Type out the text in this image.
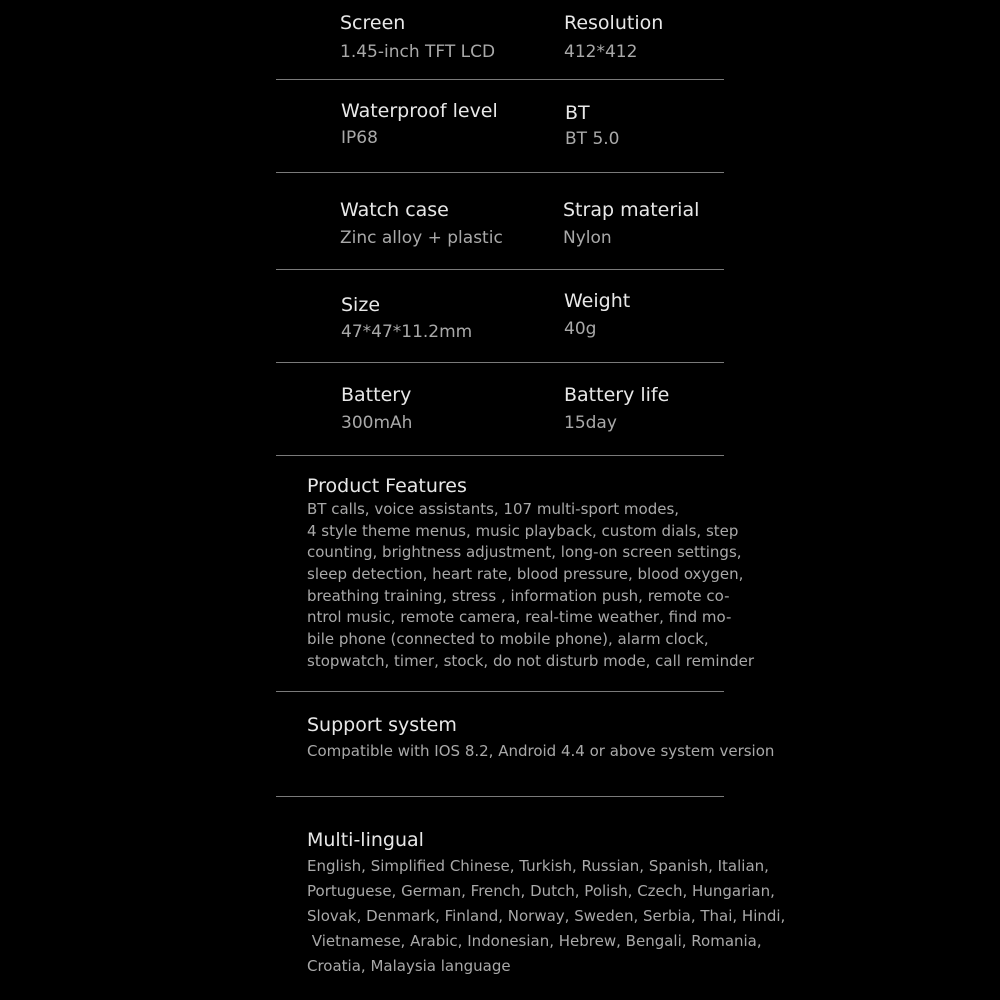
Screen
1.45-inch TFT LCD
Resolution
412*412
Waterproof level
IP68
BT
BT 5.0
Watch case
Zinc alloy + plastic
Strap material
Nylon
Size
47*47*11.2mm
Weight
40g
Battery
300mAh
Battery life
15day
Product Features
BT calls, voice assistants, 107 multi-sport modes,
4 style theme menus, music playback, custom dials, step
counting, brightness adjustment, long-on screen settings,
sleep detection, heart rate, blood pressure, blood oxygen,
breathing training, stress , information push, remote co-
ntrol music, remote camera, real-time weather, find mo-
bile phone (connected to mobile phone), alarm clock,
stopwatch, timer, stock, do not disturb mode, call reminder
Support system
Compatible with IOS 8.2, Android 4.4 or above system version
Multi-lingual
English, Simplified Chinese, Turkish, Russian, Spanish, Italian,
Portuguese, German, French, Dutch, Polish, Czech, Hungarian,
Slovak, Denmark, Finland, Norway, Sweden, Serbia, Thai, Hindi,
Vietnamese, Arabic, Indonesian, Hebrew, Bengali, Romania,
Croatia, Malaysia language
